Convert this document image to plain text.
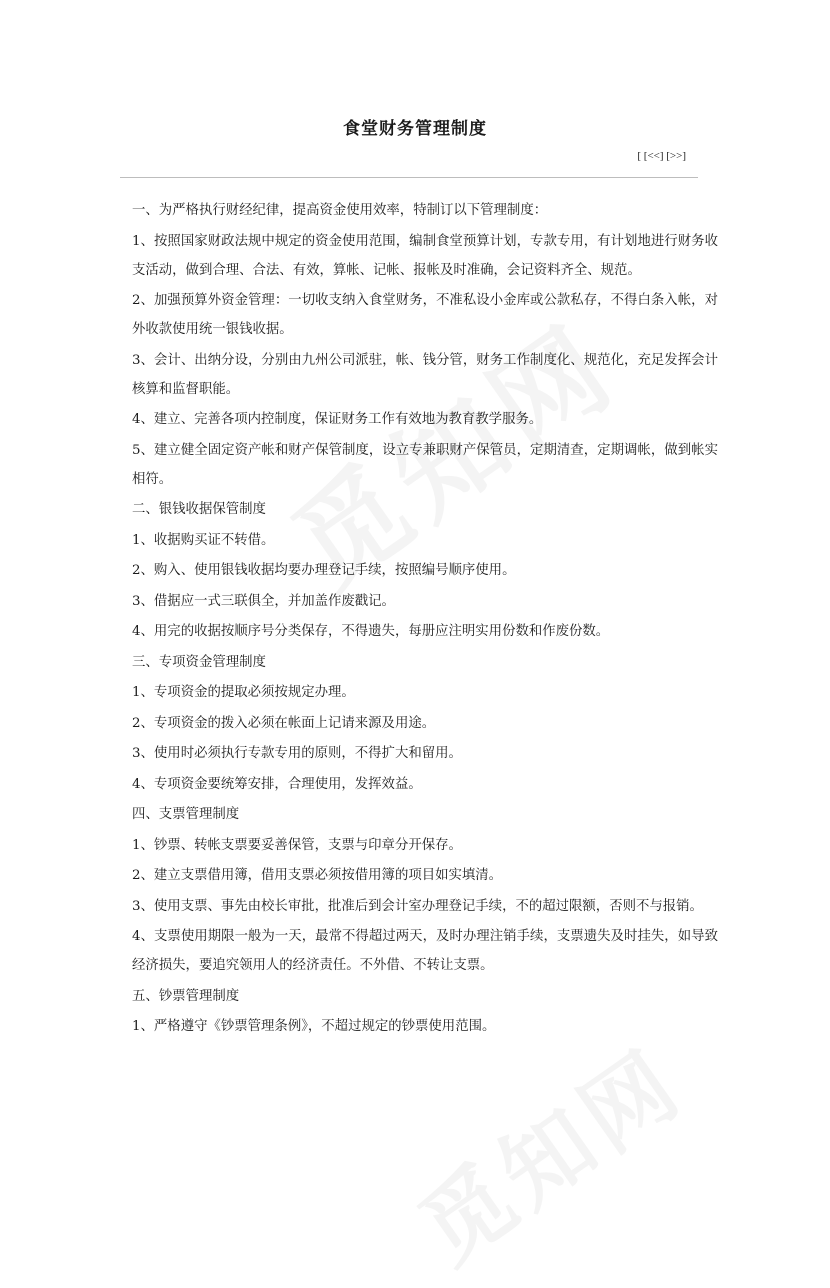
食堂财务管理制度
[ [<<] [>>]

一、为严格执行财经纪律，提高资金使用效率，特制订以下管理制度：

1、按照国家财政法规中规定的资金使用范围，编制食堂预算计划，专款专用，有计划地进行财务收支活动，做到合理、合法、有效，算帐、记帐、报帐及时准确，会记资料齐全、规范。

2、加强预算外资金管理：一切收支纳入食堂财务，不准私设小金库或公款私存，不得白条入帐，对外收款使用统一银钱收据。

3、会计、出纳分设，分别由九州公司派驻，帐、钱分管，财务工作制度化、规范化，充足发挥会计核算和监督职能。

4、建立、完善各项内控制度，保证财务工作有效地为教育教学服务。

5、建立健全固定资产帐和财产保管制度，设立专兼职财产保管员，定期清查，定期调帐，做到帐实相符。

二、银钱收据保管制度

1、收据购买证不转借。

2、购入、使用银钱收据均要办理登记手续，按照编号顺序使用。

3、借据应一式三联俱全，并加盖作废戳记。

4、用完的收据按顺序号分类保存，不得遗失，每册应注明实用份数和作废份数。

三、专项资金管理制度

1、专项资金的提取必须按规定办理。

2、专项资金的拨入必须在帐面上记请来源及用途。

3、使用时必须执行专款专用的原则，不得扩大和留用。

4、专项资金要统筹安排，合理使用，发挥效益。

四、支票管理制度

1、钞票、转帐支票要妥善保管，支票与印章分开保存。

2、建立支票借用簿，借用支票必须按借用簿的项目如实填清。

3、使用支票、事先由校长审批，批准后到会计室办理登记手续，不的超过限额，否则不与报销。

4、支票使用期限一般为一天，最常不得超过两天，及时办理注销手续，支票遗失及时挂失，如导致经济损失，要追究领用人的经济责任。不外借、不转让支票。

五、钞票管理制度

1、严格遵守《钞票管理条例》，不超过规定的钞票使用范围。
